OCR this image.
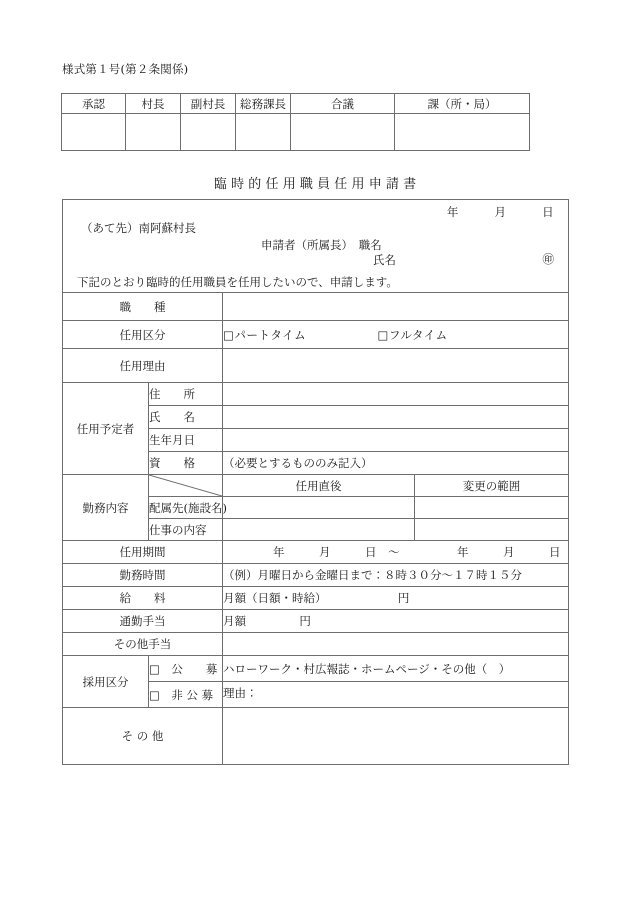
様式第１号(第２条関係)
承認	村長	副村長	総務課長	合議	課（所・局）

臨時的任用職員任用申請書
年　　　月　　　日
（あて先）南阿蘇村長
申請者（所属長）　職名
氏名	㊞
下記のとおり臨時的任用職員を任用したいので、申請します。

職　　種			
任用区分		□パートタイム □フルタイム	
任用理由			
任用予定者	住　　所		
	氏　　名		
	生年月日		
	資　　格	（必要とするもののみ記入）	
勤務内容		任用直後	変更の範囲
	配属先(施設名)		
	仕事の内容		
任用期間		年　　　月　　　日　～　　　　　年　　　月　　　日	
勤務時間		（例）月曜日から金曜日まで：８時３０分～１７時１５分	
給　　料		月額（日額・時給） 円	
通勤手当		月額 円	
その他手当			
採用区分	□　公　　募	ハローワーク・村広報誌・ホームページ・その他（　）	
	□　非 公 募	理由：	
そ の 他			
